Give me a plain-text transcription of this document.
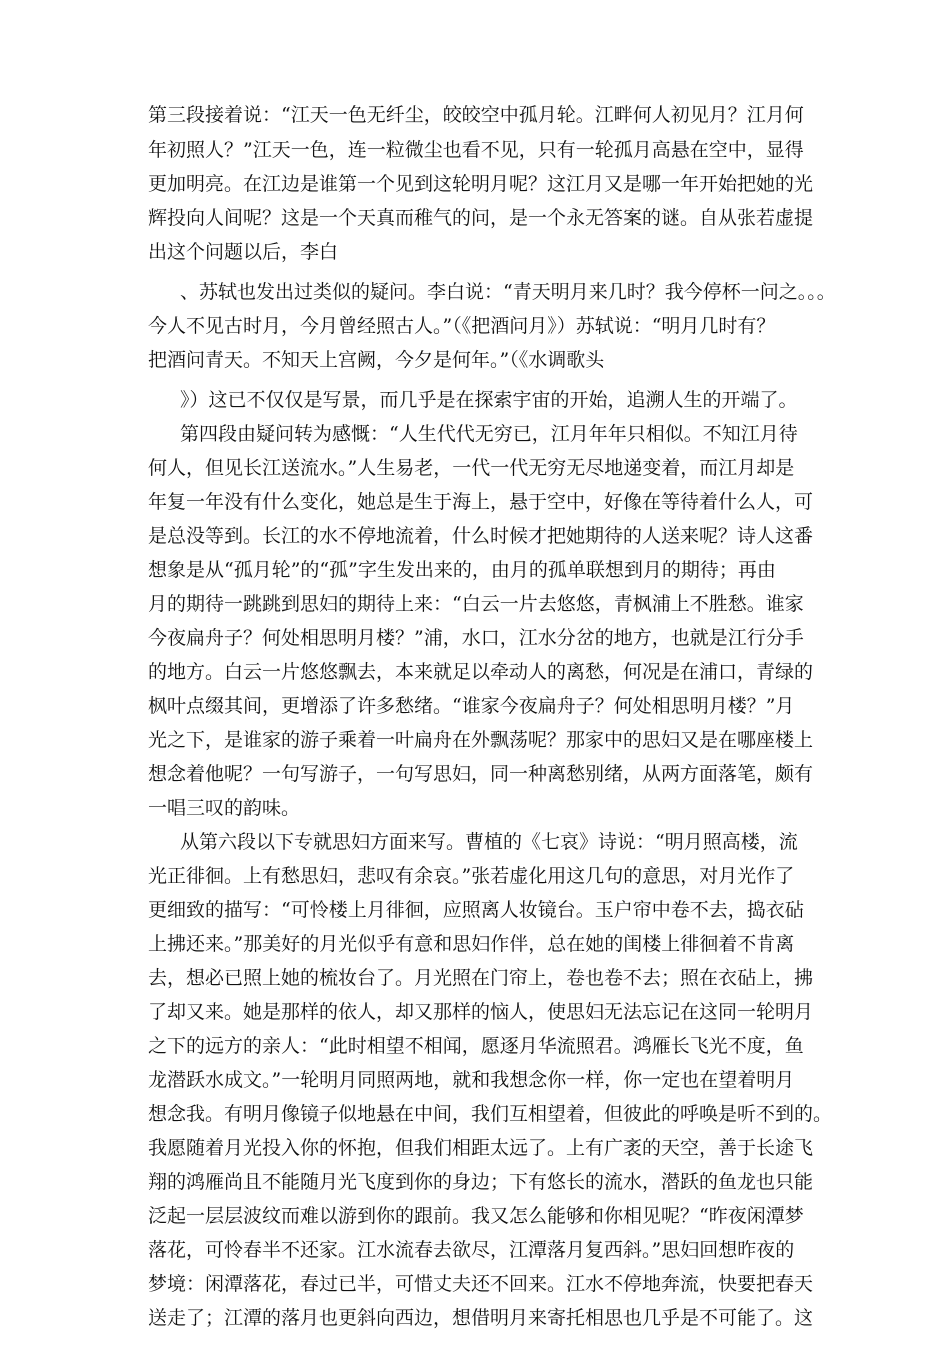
第三段接着说：“江天一色无纤尘，皎皎空中孤月轮。江畔何人初见月？江月何
年初照人？”江天一色，连一粒微尘也看不见，只有一轮孤月高悬在空中，显得
更加明亮。在江边是谁第一个见到这轮明月呢？这江月又是哪一年开始把她的光
辉投向人间呢？这是一个天真而稚气的问，是一个永无答案的谜。自从张若虚提
出这个问题以后，李白
、苏轼也发出过类似的疑问。李白说：“青天明月来几时？我今停杯一问之。。。
今人不见古时月，今月曾经照古人。”（《把酒问月》）苏轼说：“明月几时有？
把酒问青天。不知天上宫阙，今夕是何年。”（《水调歌头
》）这已不仅仅是写景，而几乎是在探索宇宙的开始，追溯人生的开端了。
第四段由疑问转为感慨：“人生代代无穷已，江月年年只相似。不知江月待
何人，但见长江送流水。”人生易老，一代一代无穷无尽地递变着，而江月却是
年复一年没有什么变化，她总是生于海上，悬于空中，好像在等待着什么人，可
是总没等到。长江的水不停地流着，什么时候才把她期待的人送来呢？诗人这番
想象是从“孤月轮”的“孤”字生发出来的，由月的孤单联想到月的期待；再由
月的期待一跳跳到思妇的期待上来：“白云一片去悠悠，青枫浦上不胜愁。谁家
今夜扁舟子？何处相思明月楼？”浦，水口，江水分岔的地方，也就是江行分手
的地方。白云一片悠悠飘去，本来就足以牵动人的离愁，何况是在浦口，青绿的
枫叶点缀其间，更增添了许多愁绪。“谁家今夜扁舟子？何处相思明月楼？”月
光之下，是谁家的游子乘着一叶扁舟在外飘荡呢？那家中的思妇又是在哪座楼上
想念着他呢？一句写游子，一句写思妇，同一种离愁别绪，从两方面落笔，颇有
一唱三叹的韵味。
从第六段以下专就思妇方面来写。曹植的《七哀》诗说：“明月照高楼，流
光正徘徊。上有愁思妇，悲叹有余哀。”张若虚化用这几句的意思，对月光作了
更细致的描写：“可怜楼上月徘徊，应照离人妆镜台。玉户帘中卷不去，捣衣砧
上拂还来。”那美好的月光似乎有意和思妇作伴，总在她的闺楼上徘徊着不肯离
去，想必已照上她的梳妆台了。月光照在门帘上，卷也卷不去；照在衣砧上，拂
了却又来。她是那样的依人，却又那样的恼人，使思妇无法忘记在这同一轮明月
之下的远方的亲人：“此时相望不相闻，愿逐月华流照君。鸿雁长飞光不度，鱼
龙潜跃水成文。”一轮明月同照两地，就和我想念你一样，你一定也在望着明月
想念我。有明月像镜子似地悬在中间，我们互相望着，但彼此的呼唤是听不到的。
我愿随着月光投入你的怀抱，但我们相距太远了。上有广袤的天空，善于长途飞
翔的鸿雁尚且不能随月光飞度到你的身边；下有悠长的流水，潜跃的鱼龙也只能
泛起一层层波纹而难以游到你的跟前。我又怎么能够和你相见呢？“昨夜闲潭梦
落花，可怜春半不还家。江水流春去欲尽，江潭落月复西斜。”思妇回想昨夜的
梦境：闲潭落花，春过已半，可惜丈夫还不回来。江水不停地奔流，快要把春天
送走了；江潭的落月也更斜向西边，想借明月来寄托相思也几乎是不可能了。这
